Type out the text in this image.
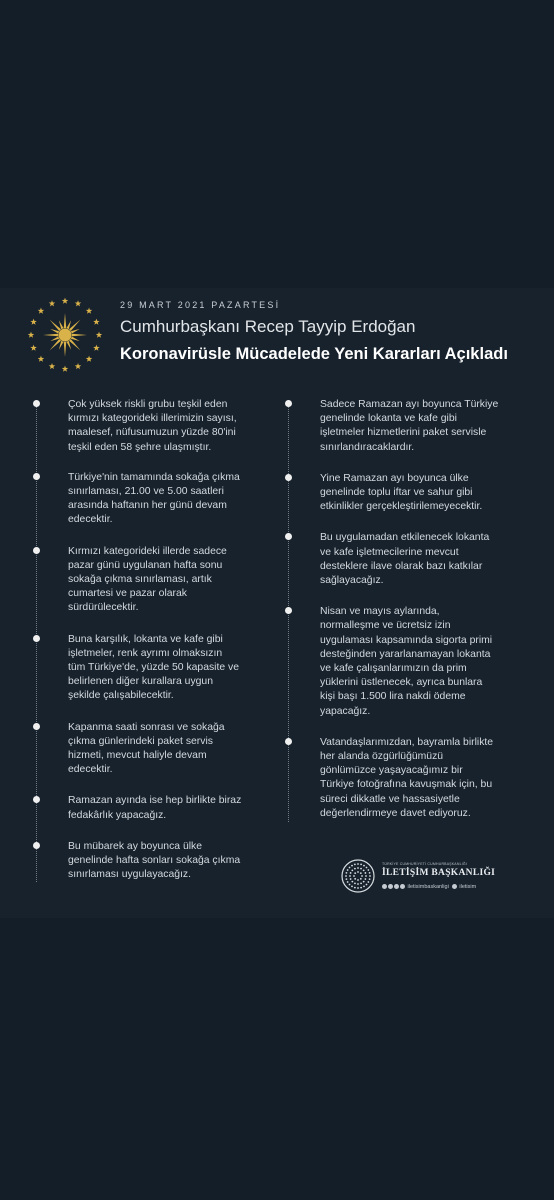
29 MART 2021 PAZARTESİ
Cumhurbaşkanı Recep Tayyip Erdoğan
Koronavirüsle Mücadelede Yeni Kararları Açıkladı

Çok yüksek riskli grubu teşkil eden
kırmızı kategorideki illerimizin sayısı,
maalesef, nüfusumuzun yüzde 80'ini
teşkil eden 58 şehre ulaşmıştır.

Türkiye'nin tamamında sokağa çıkma
sınırlaması, 21.00 ve 5.00 saatleri
arasında haftanın her günü devam
edecektir.

Kırmızı kategorideki illerde sadece
pazar günü uygulanan hafta sonu
sokağa çıkma sınırlaması, artık
cumartesi ve pazar olarak
sürdürülecektir.

Buna karşılık, lokanta ve kafe gibi
işletmeler, renk ayrımı olmaksızın
tüm Türkiye'de, yüzde 50 kapasite ve
belirlenen diğer kurallara uygun
şekilde çalışabilecektir.

Kapanma saati sonrası ve sokağa
çıkma günlerindeki paket servis
hizmeti, mevcut haliyle devam
edecektir.

Ramazan ayında ise hep birlikte biraz
fedakârlık yapacağız.

Bu mübarek ay boyunca ülke
genelinde hafta sonları sokağa çıkma
sınırlaması uygulayacağız.

Sadece Ramazan ayı boyunca Türkiye
genelinde lokanta ve kafe gibi
işletmeler hizmetlerini paket servisle
sınırlandıracaklardır.

Yine Ramazan ayı boyunca ülke
genelinde toplu iftar ve sahur gibi
etkinlikler gerçekleştirilemeyecektir.

Bu uygulamadan etkilenecek lokanta
ve kafe işletmecilerine mevcut
desteklere ilave olarak bazı katkılar
sağlayacağız.

Nisan ve mayıs aylarında,
normalleşme ve ücretsiz izin
uygulaması kapsamında sigorta primi
desteğinden yararlanamayan lokanta
ve kafe çalışanlarımızın da prim
yüklerini üstlenecek, ayrıca bunlara
kişi başı 1.500 lira nakdi ödeme
yapacağız.

Vatandaşlarımızdan, bayramla birlikte
her alanda özgürlüğümüzü
gönlümüzce yaşayacağımız bir
Türkiye fotoğrafına kavuşmak için, bu
süreci dikkatle ve hassasiyetle
değerlendirmeye davet ediyoruz.

TÜRKİYE CUMHURİYETİ CUMHURBAŞKANLIĞI
İLETİŞİM BAŞKANLIĞI
iletisimbaskanligi iletisim
